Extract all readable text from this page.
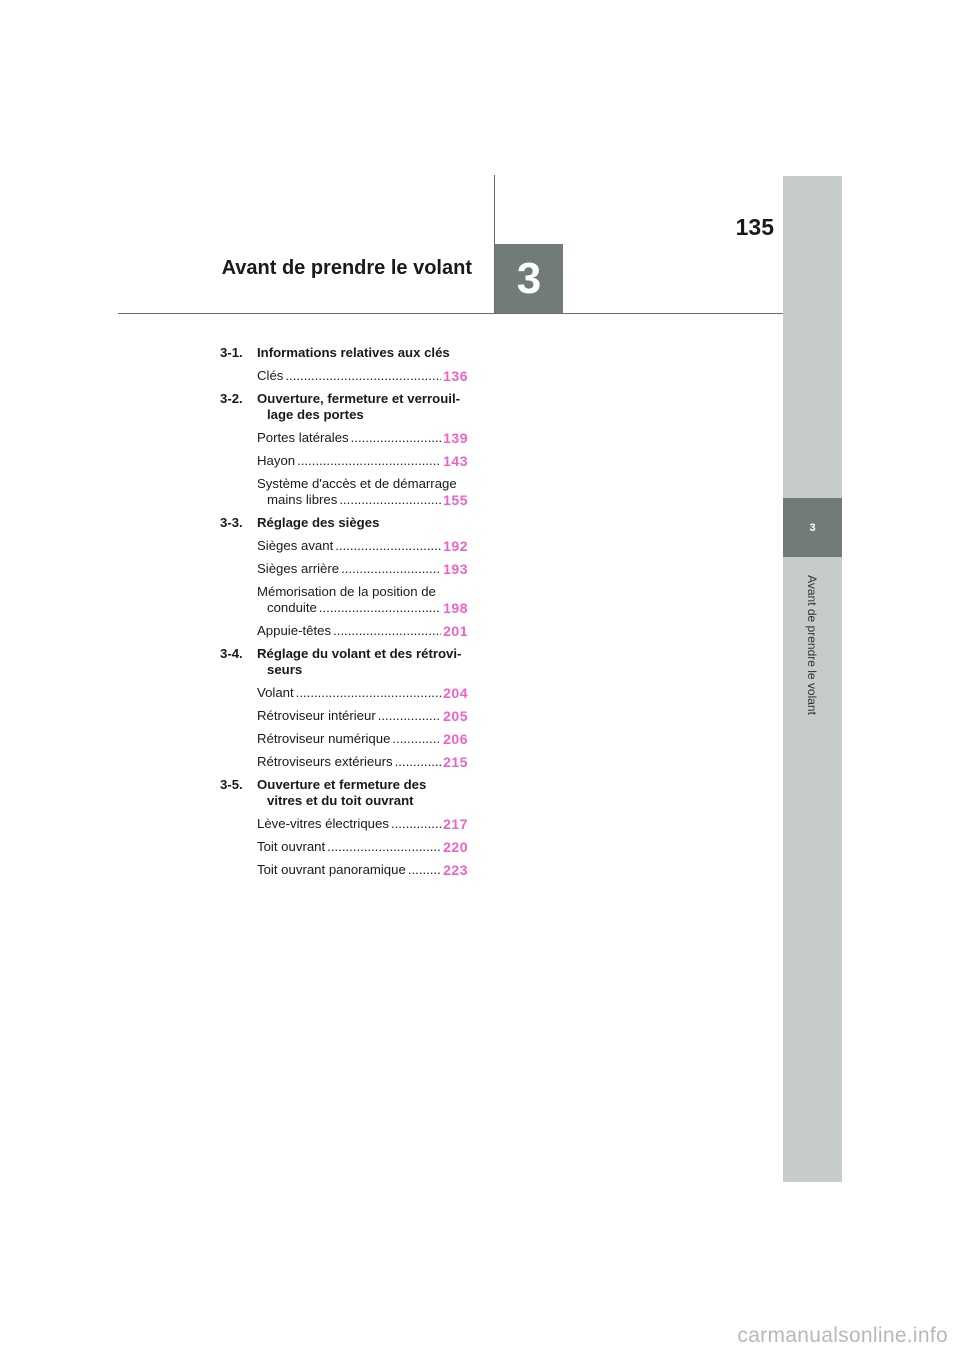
3
135
Avant de prendre le volant
3
Avant de prendre le volant
3-1.	Informations relatives aux clés
Clés .....	136
3-2.	Ouverture, fermeture et verrouil-
lage des portes
Portes latérales .....	139
Hayon .....	143
Système d'accès et de démarrage
mains libres .....	155
3-3.	Réglage des sièges
Sièges avant .....	192
Sièges arrière .....	193
Mémorisation de la position de
conduite .....	198
Appuie-têtes .....	201
3-4.	Réglage du volant et des rétrovi-
seurs
Volant .....	204
Rétroviseur intérieur .....	205
Rétroviseur numérique .....	206
Rétroviseurs extérieurs .....	215
3-5.	Ouverture et fermeture des
vitres et du toit ouvrant
Lève-vitres électriques .....	217
Toit ouvrant .....	220
Toit ouvrant panoramique .....	223
carmanualsonline.info
